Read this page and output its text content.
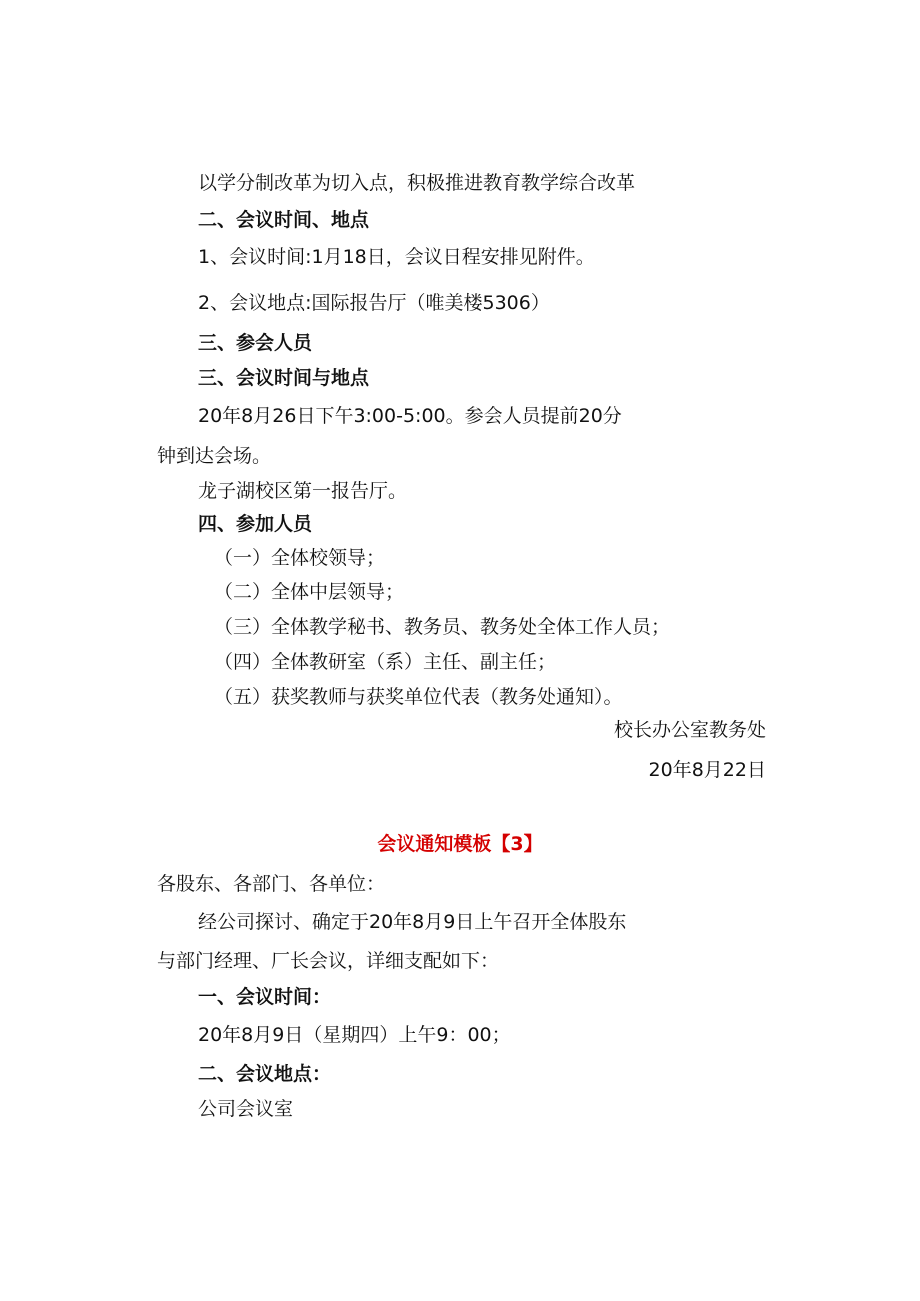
以学分制改革为切入点，积极推进教育教学综合改革
二、会议时间、地点
1、会议时间:1月18日，会议日程安排见附件。
2、会议地点:国际报告厅（唯美楼5306）
三、参会人员
三、会议时间与地点
20年8月26日下午3:00-5:00。参会人员提前20分
钟到达会场。
龙子湖校区第一报告厅。
四、参加人员
（一）全体校领导；
（二）全体中层领导；
（三）全体教学秘书、教务员、教务处全体工作人员；
（四）全体教研室（系）主任、副主任；
（五）获奖教师与获奖单位代表（教务处通知）。
校长办公室教务处
20年8月22日
会议通知模板【3】
各股东、各部门、各单位：
经公司探讨、确定于20年8月9日上午召开全体股东
与部门经理、厂长会议，详细支配如下：
一、会议时间：
20年8月9日（星期四）上午9：00；
二、会议地点：
公司会议室
